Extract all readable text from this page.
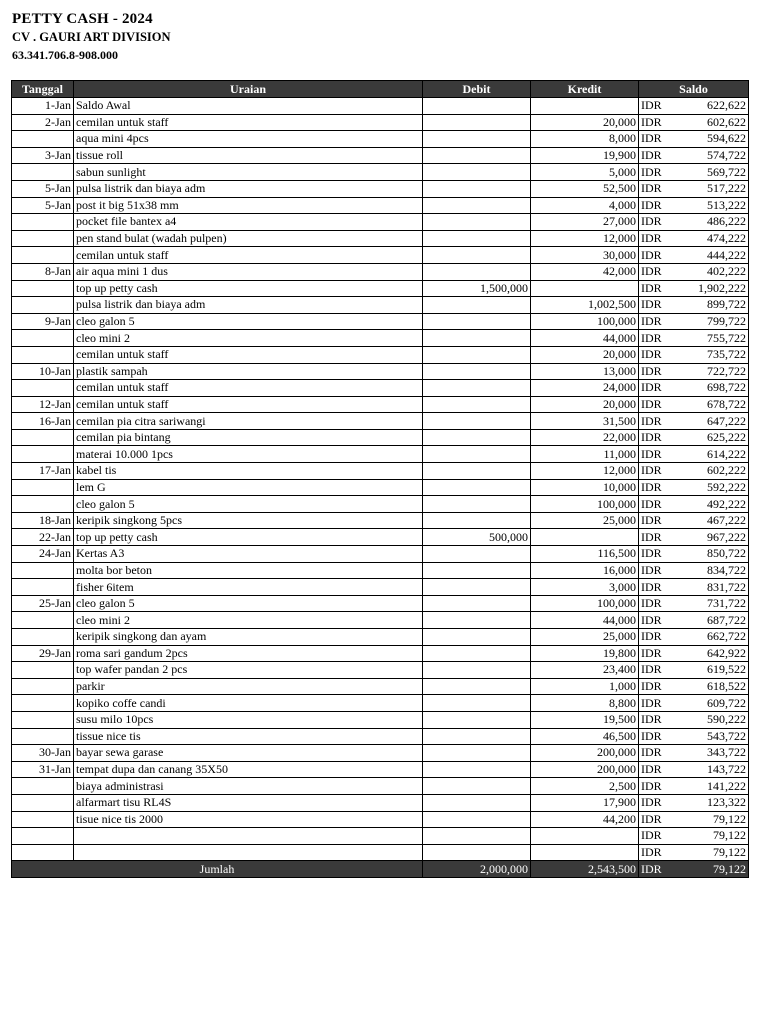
PETTY CASH - 2024
CV . GAURI ART DIVISION
63.341.706.8-908.000
Tanggal	Uraian	Debit	Kredit	Saldo	
1-Jan	Saldo Awal			IDR	622,622
2-Jan	cemilan untuk staff		20,000	IDR	602,622
	aqua mini 4pcs		8,000	IDR	594,622
3-Jan	tissue roll		19,900	IDR	574,722
	sabun sunlight		5,000	IDR	569,722
5-Jan	pulsa listrik dan biaya adm		52,500	IDR	517,222
5-Jan	post it big 51x38 mm		4,000	IDR	513,222
	pocket file bantex a4		27,000	IDR	486,222
	pen stand bulat (wadah pulpen)		12,000	IDR	474,222
	cemilan untuk staff		30,000	IDR	444,222
8-Jan	air aqua mini 1 dus		42,000	IDR	402,222
	top up petty cash	1,500,000		IDR	1,902,222
	pulsa listrik dan biaya adm		1,002,500	IDR	899,722
9-Jan	cleo galon 5		100,000	IDR	799,722
	cleo mini 2		44,000	IDR	755,722
	cemilan untuk staff		20,000	IDR	735,722
10-Jan	plastik sampah		13,000	IDR	722,722
	cemilan untuk staff		24,000	IDR	698,722
12-Jan	cemilan untuk staff		20,000	IDR	678,722
16-Jan	cemilan pia citra sariwangi		31,500	IDR	647,222
	cemilan pia bintang		22,000	IDR	625,222
	materai 10.000 1pcs		11,000	IDR	614,222
17-Jan	kabel tis		12,000	IDR	602,222
	lem G		10,000	IDR	592,222
	cleo galon 5		100,000	IDR	492,222
18-Jan	keripik singkong 5pcs		25,000	IDR	467,222
22-Jan	top up petty cash	500,000		IDR	967,222
24-Jan	Kertas A3		116,500	IDR	850,722
	molta bor beton		16,000	IDR	834,722
	fisher 6item		3,000	IDR	831,722
25-Jan	cleo galon 5		100,000	IDR	731,722
	cleo mini 2		44,000	IDR	687,722
	keripik singkong dan ayam		25,000	IDR	662,722
29-Jan	roma sari gandum 2pcs		19,800	IDR	642,922
	top wafer pandan 2 pcs		23,400	IDR	619,522
	parkir		1,000	IDR	618,522
	kopiko coffe candi		8,800	IDR	609,722
	susu milo 10pcs		19,500	IDR	590,222
	tissue nice tis		46,500	IDR	543,722
30-Jan	bayar sewa garase		200,000	IDR	343,722
31-Jan	tempat dupa dan canang 35X50		200,000	IDR	143,722
	biaya administrasi		2,500	IDR	141,222
	alfarmart tisu RL4S		17,900	IDR	123,322
	tisue nice tis 2000		44,200	IDR	79,122
				IDR	79,122
				IDR	79,122
Jumlah		2,000,000	2,543,500	IDR	79,122
